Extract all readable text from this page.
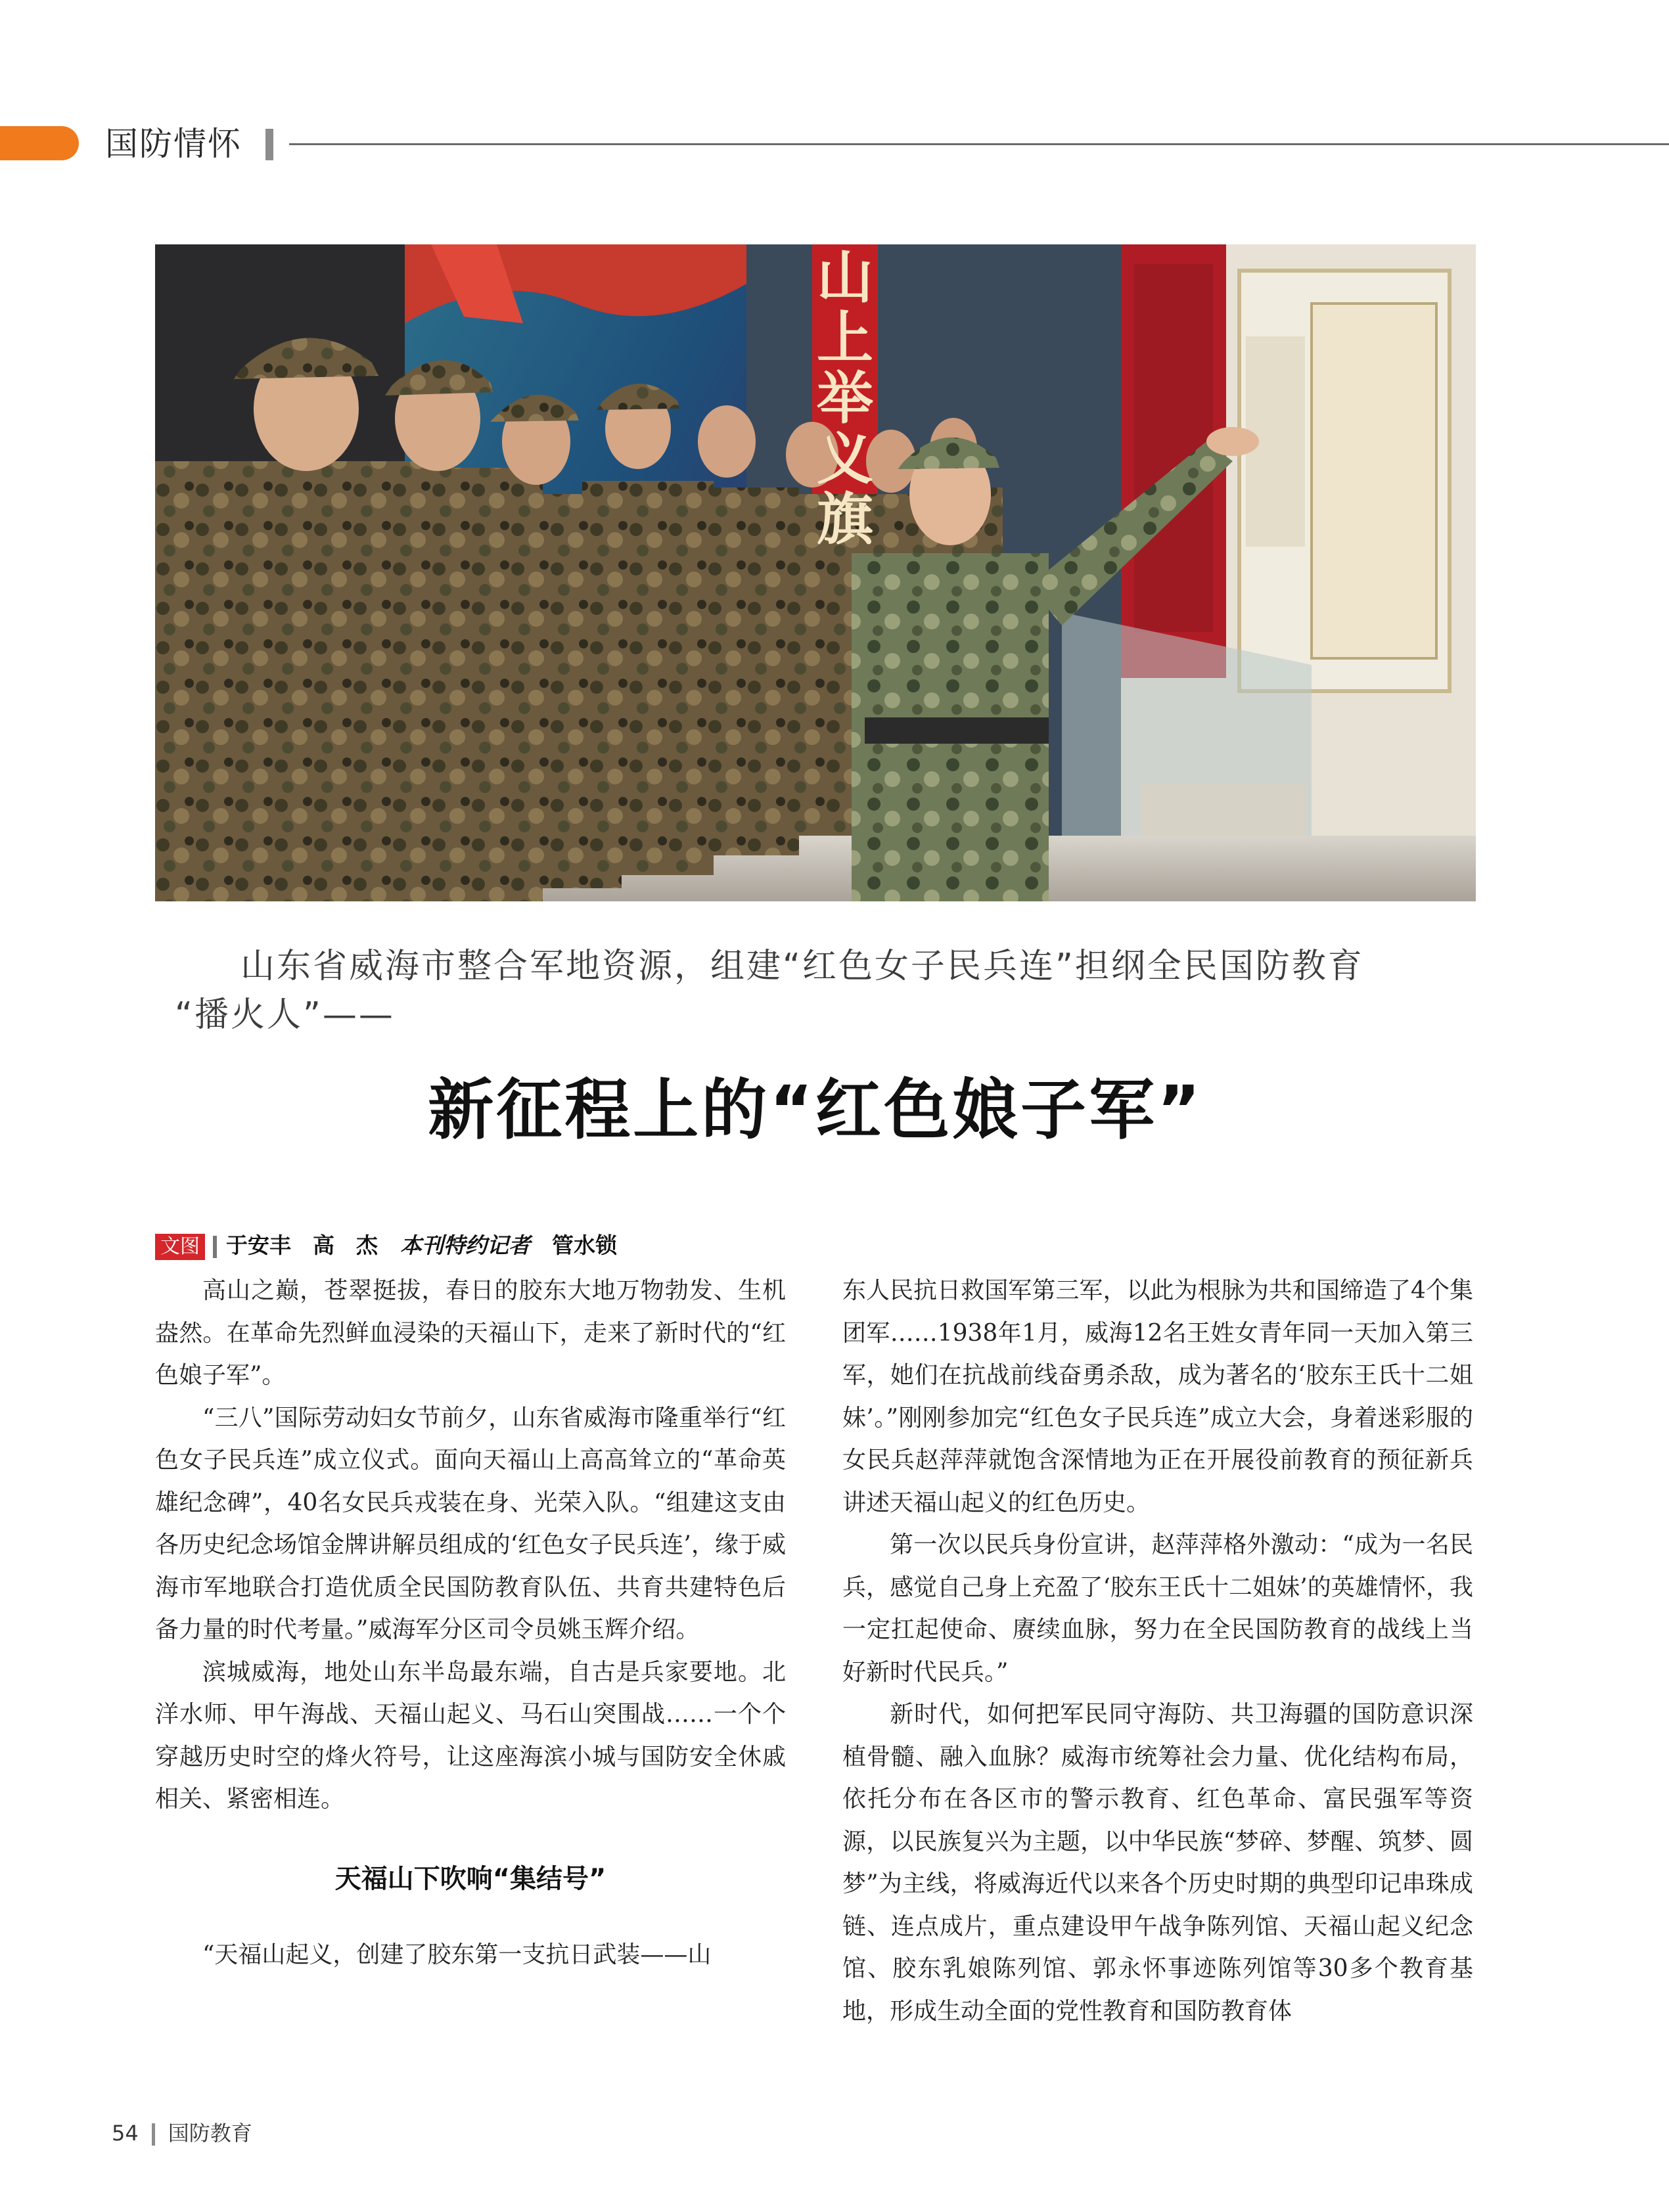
国防情怀
山上举义旗
山东省威海市整合军地资源，组建“红色女子民兵连”担纲全民国防教育
“播火人”——
新征程上的“红色娘子军”
文图 于安丰　高　杰 本刊特约记者　 管水锁

高山之巅，苍翠挺拔，春日的胶东大地万物勃发、生机盎然。在革命先烈鲜血浸染的天福山下，走来了新时代的“红色娘子军”。

“三八”国际劳动妇女节前夕，山东省威海市隆重举行“红色女子民兵连”成立仪式。面向天福山上高高耸立的“革命英雄纪念碑”，40名女民兵戎装在身、光荣入队。“组建这支由各历史纪念场馆金牌讲解员组成的‘红色女子民兵连’，缘于威海市军地联合打造优质全民国防教育队伍、共育共建特色后备力量的时代考量。”威海军分区司令员姚玉辉介绍。

滨城威海，地处山东半岛最东端，自古是兵家要地。北洋水师、甲午海战、天福山起义、马石山突围战……一个个穿越历史时空的烽火符号，让这座海滨小城与国防安全休戚相关、紧密相连。

天福山下吹响“集结号”

“天福山起义，创建了胶东第一支抗日武装——山

东人民抗日救国军第三军，以此为根脉为共和国缔造了4个集团军……1938年1月，威海12名王姓女青年同一天加入第三军，她们在抗战前线奋勇杀敌，成为著名的‘胶东王氏十二姐妹’。”刚刚参加完“红色女子民兵连”成立大会，身着迷彩服的女民兵赵萍萍就饱含深情地为正在开展役前教育的预征新兵讲述天福山起义的红色历史。

第一次以民兵身份宣讲，赵萍萍格外激动：“成为一名民兵，感觉自己身上充盈了‘胶东王氏十二姐妹’的英雄情怀，我一定扛起使命、赓续血脉，努力在全民国防教育的战线上当好新时代民兵。”

新时代，如何把军民同守海防、共卫海疆的国防意识深植骨髓、融入血脉？威海市统筹社会力量、优化结构布局，依托分布在各区市的警示教育、红色革命、富民强军等资源，以民族复兴为主题，以中华民族“梦碎、梦醒、筑梦、圆梦”为主线，将威海近代以来各个历史时期的典型印记串珠成链、连点成片，重点建设甲午战争陈列馆、天福山起义纪念馆、胶东乳娘陈列馆、郭永怀事迹陈列馆等30多个教育基地，形成生动全面的党性教育和国防教育体

54 国防教育
